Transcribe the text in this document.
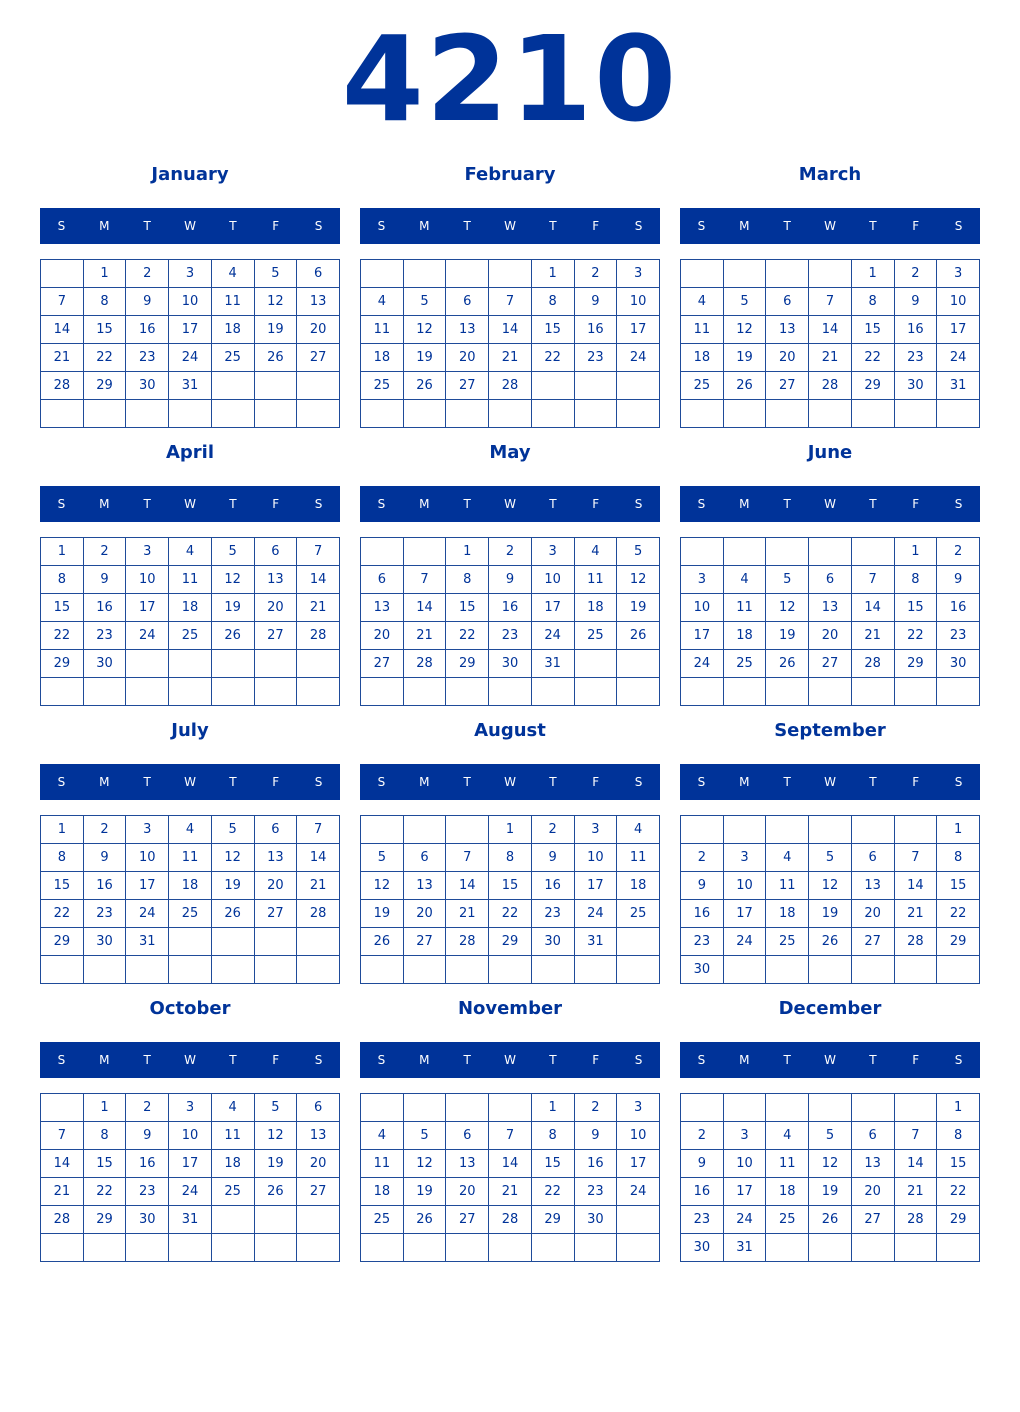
4210
January
S	M	T	W	T	F	S
	1	2	3	4	5	6
7	8	9	10	11	12	13
14	15	16	17	18	19	20
21	22	23	24	25	26	27
28	29	30	31			

February
S	M	T	W	T	F	S
				1	2	3
4	5	6	7	8	9	10
11	12	13	14	15	16	17
18	19	20	21	22	23	24
25	26	27	28			

March
S	M	T	W	T	F	S
				1	2	3
4	5	6	7	8	9	10
11	12	13	14	15	16	17
18	19	20	21	22	23	24
25	26	27	28	29	30	31

April
S	M	T	W	T	F	S
1	2	3	4	5	6	7
8	9	10	11	12	13	14
15	16	17	18	19	20	21
22	23	24	25	26	27	28
29	30					

May
S	M	T	W	T	F	S
		1	2	3	4	5
6	7	8	9	10	11	12
13	14	15	16	17	18	19
20	21	22	23	24	25	26
27	28	29	30	31		

June
S	M	T	W	T	F	S
					1	2
3	4	5	6	7	8	9
10	11	12	13	14	15	16
17	18	19	20	21	22	23
24	25	26	27	28	29	30

July
S	M	T	W	T	F	S
1	2	3	4	5	6	7
8	9	10	11	12	13	14
15	16	17	18	19	20	21
22	23	24	25	26	27	28
29	30	31				

August
S	M	T	W	T	F	S
			1	2	3	4
5	6	7	8	9	10	11
12	13	14	15	16	17	18
19	20	21	22	23	24	25
26	27	28	29	30	31	

September
S	M	T	W	T	F	S
						1
2	3	4	5	6	7	8
9	10	11	12	13	14	15
16	17	18	19	20	21	22
23	24	25	26	27	28	29
30						
October
S	M	T	W	T	F	S
	1	2	3	4	5	6
7	8	9	10	11	12	13
14	15	16	17	18	19	20
21	22	23	24	25	26	27
28	29	30	31			

November
S	M	T	W	T	F	S
				1	2	3
4	5	6	7	8	9	10
11	12	13	14	15	16	17
18	19	20	21	22	23	24
25	26	27	28	29	30	

December
S	M	T	W	T	F	S
						1
2	3	4	5	6	7	8
9	10	11	12	13	14	15
16	17	18	19	20	21	22
23	24	25	26	27	28	29
30	31					
